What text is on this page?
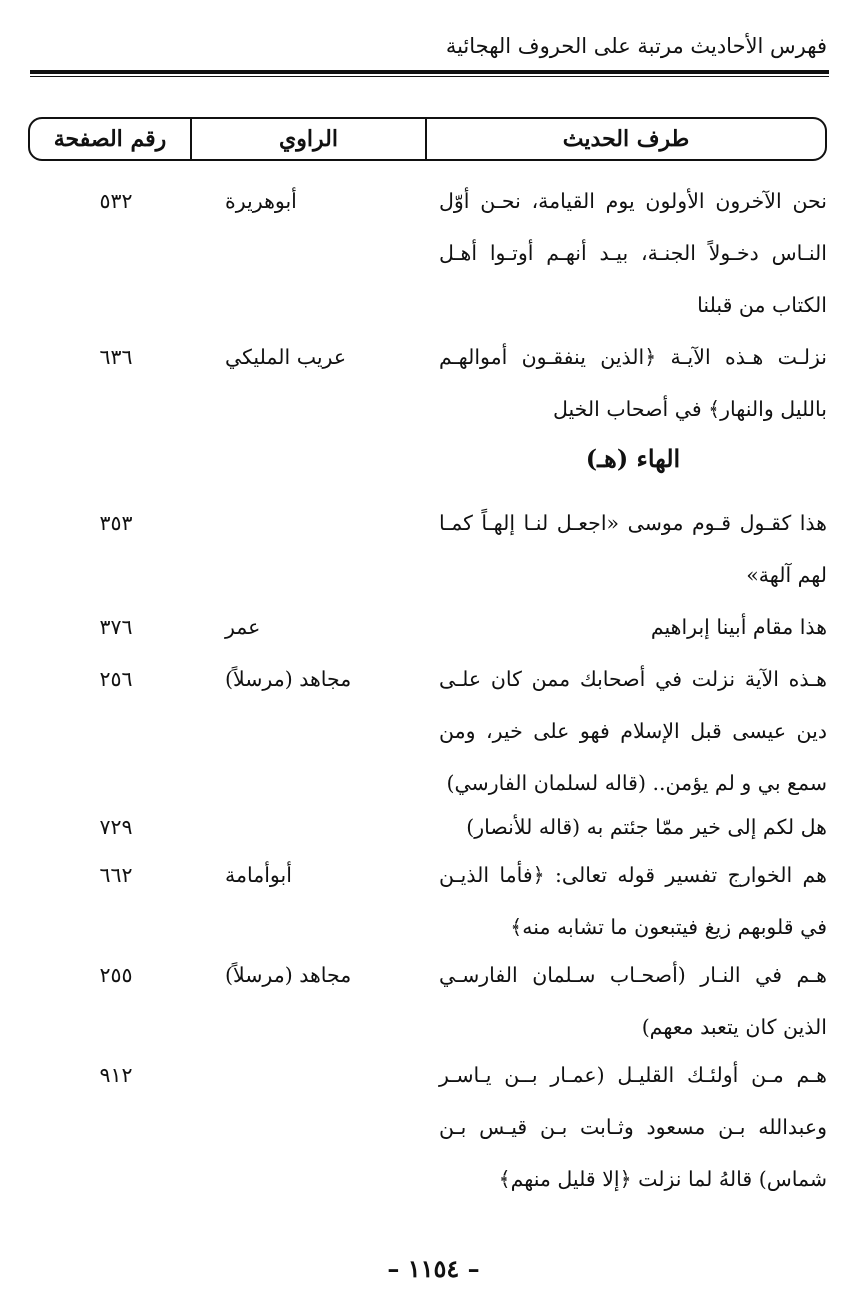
فهرس الأحاديث مرتبة على الحروف الهجائية
طرف الحديث
الراوي
رقم الصفحة
نحن الآخرون الأولون يوم القيامة، نحـن أوّل النـاس دخـولاً الجنـة، بيـد أنهـم أوتـوا أهـل الكتاب من قبلنا
أبوهريرة
٥٣٢
نزلـت هـذه الآيـة ﴿الذين ينفقـون أموالهـم بالليل والنهار﴾ في أصحاب الخيل
عريب المليكي
٦٣٦
الهاء (هـ)
هذا كقـول قـوم موسى «اجعـل لنـا إلهـاً كمـا لهم آلهة»
٣٥٣
هذا مقام أبينا إبراهيم
عمر
٣٧٦
هـذه الآية نزلت في أصحابك ممن كان علـى دين عيسى قبل الإسلام فهو على خير، ومن سمع بي و لم يؤمن.. (قاله لسلمان الفارسي)
مجاهد (مرسلاً)
٢٥٦
هل لكم إلى خير ممّا جئتم به (قاله للأنصار)
٧٢٩
هم الخوارج تفسير قوله تعالى: ﴿فأما الذيـن في قلوبهم زيغ فيتبعون ما تشابه منه﴾
أبوأمامة
٦٦٢
هـم في النـار (أصحـاب سـلمان الفارسـي الذين كان يتعبد معهم)
مجاهد (مرسلاً)
٢٥٥
هـم مـن أولئـك القليـل (عمـار بــن يـاسـر وعبدالله بـن مسعود وثـابت بـن قيـس بـن شماس) قالهُ لما نزلت ﴿إلا قليل منهم﴾
٩١٢
– ١١٥٤ –
